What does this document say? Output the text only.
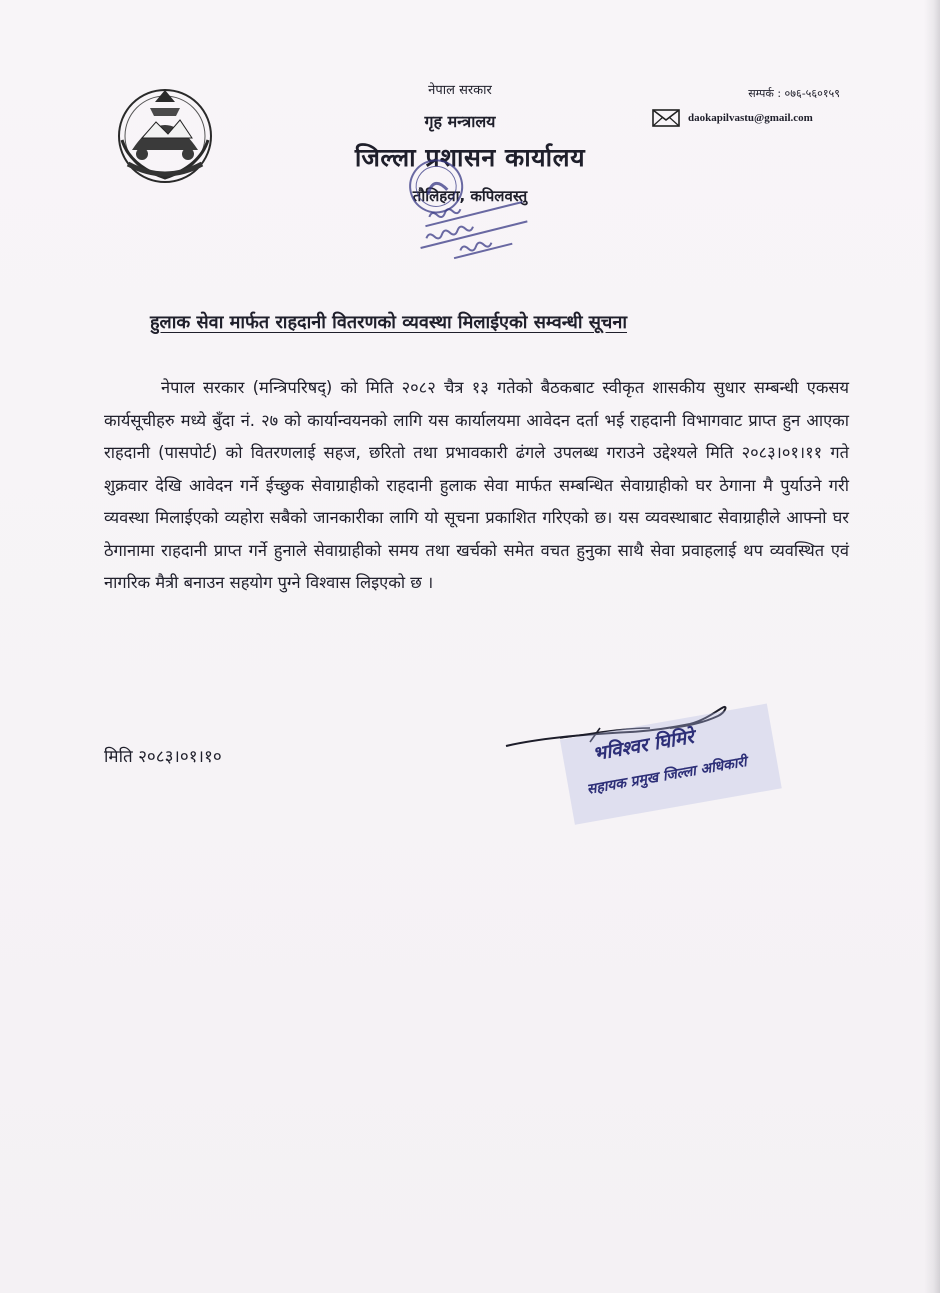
नेपाल सरकार
गृह मन्त्रालय
जिल्ला प्रशासन कार्यालय
तौलिहवा, कपिलवस्तु
सम्पर्क : ०७६-५६०१५९
daokapilvastu@gmail.com
हुलाक सेवा मार्फत राहदानी वितरणको व्यवस्था मिलाईएको सम्वन्धी सूचना

नेपाल सरकार (मन्त्रिपरिषद्) को मिति २०८२ चैत्र १३ गतेको बैठकबाट स्वीकृत शासकीय सुधार सम्बन्धी एकसय कार्यसूचीहरु मध्ये बुँदा नं. २७ को कार्यान्वयनको लागि यस कार्यालयमा आवेदन दर्ता भई राहदानी विभागवाट प्राप्त हुन आएका राहदानी (पासपोर्ट) को वितरणलाई सहज, छरितो तथा प्रभावकारी ढंगले उपलब्ध गराउने उद्देश्यले मिति २०८३।०१।११ गते शुक्रवार देखि आवेदन गर्ने ईच्छुक सेवाग्राहीको राहदानी हुलाक सेवा मार्फत सम्बन्धित सेवाग्राहीको घर ठेगाना मै पुर्याउने गरी व्यवस्था मिलाईएको व्यहोरा सबैको जानकारीका लागि यो सूचना प्रकाशित गरिएको छ। यस व्यवस्थाबाट सेवाग्राहीले आफ्नो घर ठेगानामा राहदानी प्राप्त गर्ने हुनाले सेवाग्राहीको समय तथा खर्चको समेत वचत हुनुका साथै सेवा प्रवाहलाई थप व्यवस्थित एवं नागरिक मैत्री बनाउन सहयोग पुग्ने विश्वास लिइएको छ ।

मिति २०८३।०१।१०	भविश्वर घिमिरे
सहायक प्रमुख जिल्ला अधिकारी
